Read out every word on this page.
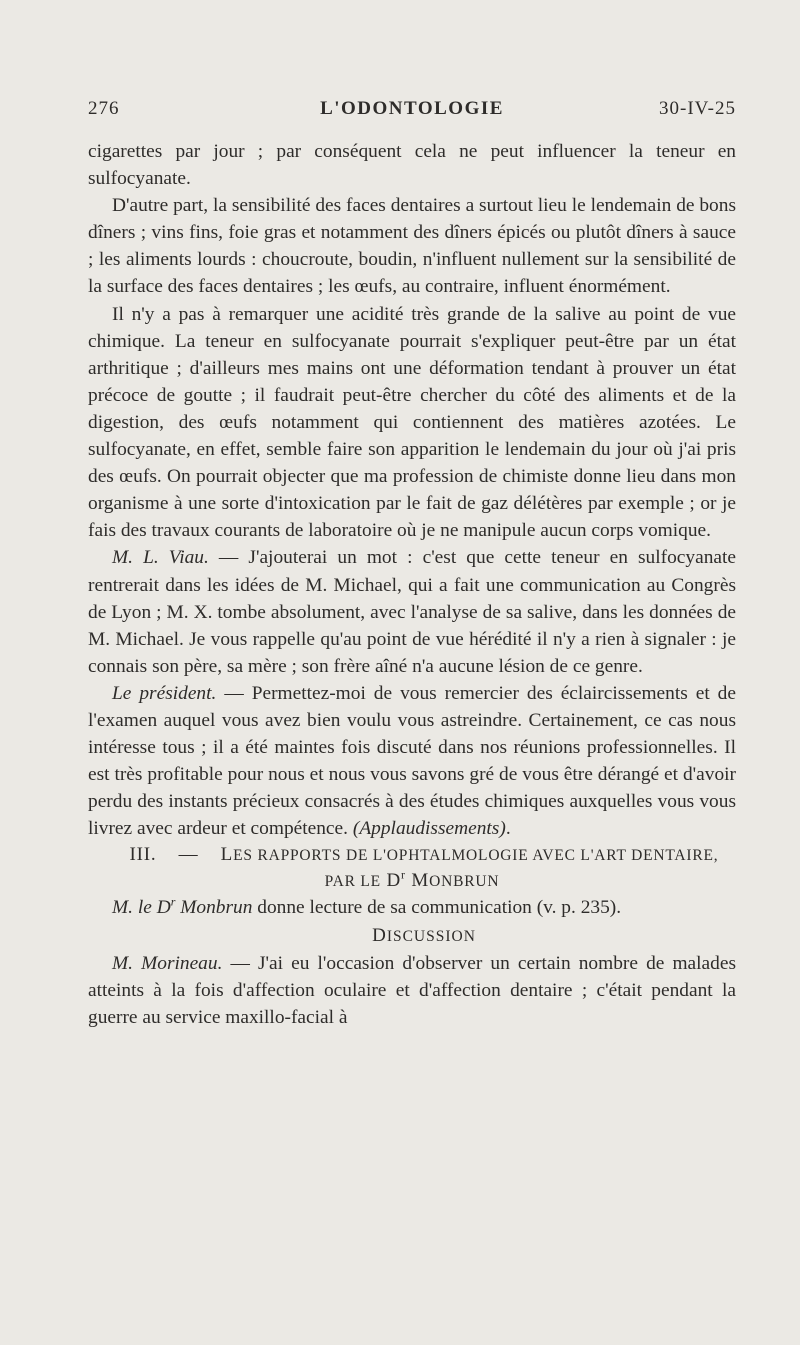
276	L'ODONTOLOGIE	30-IV-25

cigarettes par jour ; par conséquent cela ne peut influencer la teneur en sulfocyanate.

D'autre part, la sensibilité des faces dentaires a surtout lieu le lendemain de bons dîners ; vins fins, foie gras et notamment des dîners épicés ou plutôt dîners à sauce ; les aliments lourds : choucroute, boudin, n'influent nullement sur la sensibilité de la surface des faces dentaires ; les œufs, au contraire, influent énormément.

Il n'y a pas à remarquer une acidité très grande de la salive au point de vue chimique. La teneur en sulfocyanate pourrait s'expliquer peut-être par un état arthritique ; d'ailleurs mes mains ont une déformation tendant à prouver un état précoce de goutte ; il faudrait peut-être chercher du côté des aliments et de la digestion, des œufs notamment qui contiennent des matières azotées. Le sulfocyanate, en effet, semble faire son apparition le lendemain du jour où j'ai pris des œufs. On pourrait objecter que ma profession de chimiste donne lieu dans mon organisme à une sorte d'intoxication par le fait de gaz délétères par exemple ; or je fais des travaux courants de laboratoire où je ne manipule aucun corps vomique.

M. L. Viau. — J'ajouterai un mot : c'est que cette teneur en sulfocyanate rentrerait dans les idées de M. Michael, qui a fait une communication au Congrès de Lyon ; M. X. tombe absolument, avec l'analyse de sa salive, dans les données de M. Michael. Je vous rappelle qu'au point de vue hérédité il n'y a rien à signaler : je connais son père, sa mère ; son frère aîné n'a aucune lésion de ce genre.

Le président. — Permettez-moi de vous remercier des éclaircissements et de l'examen auquel vous avez bien voulu vous astreindre. Certainement, ce cas nous intéresse tous ; il a été maintes fois discuté dans nos réunions professionnelles. Il est très profitable pour nous et nous vous savons gré de vous être dérangé et d'avoir perdu des instants précieux consacrés à des études chimiques auxquelles vous vous livrez avec ardeur et compétence. (Applaudissements).

III. — LES RAPPORTS DE L'OPHTALMOLOGIE AVEC L'ART DENTAIRE, PAR LE $D^r$ MONBRUN

M. le $D^r$ Monbrun donne lecture de sa communication (v. p. 235).

DISCUSSION

M. Morineau. — J'ai eu l'occasion d'observer un certain nombre de malades atteints à la fois d'affection oculaire et d'affection dentaire ; c'était pendant la guerre au service maxillo-facial à
